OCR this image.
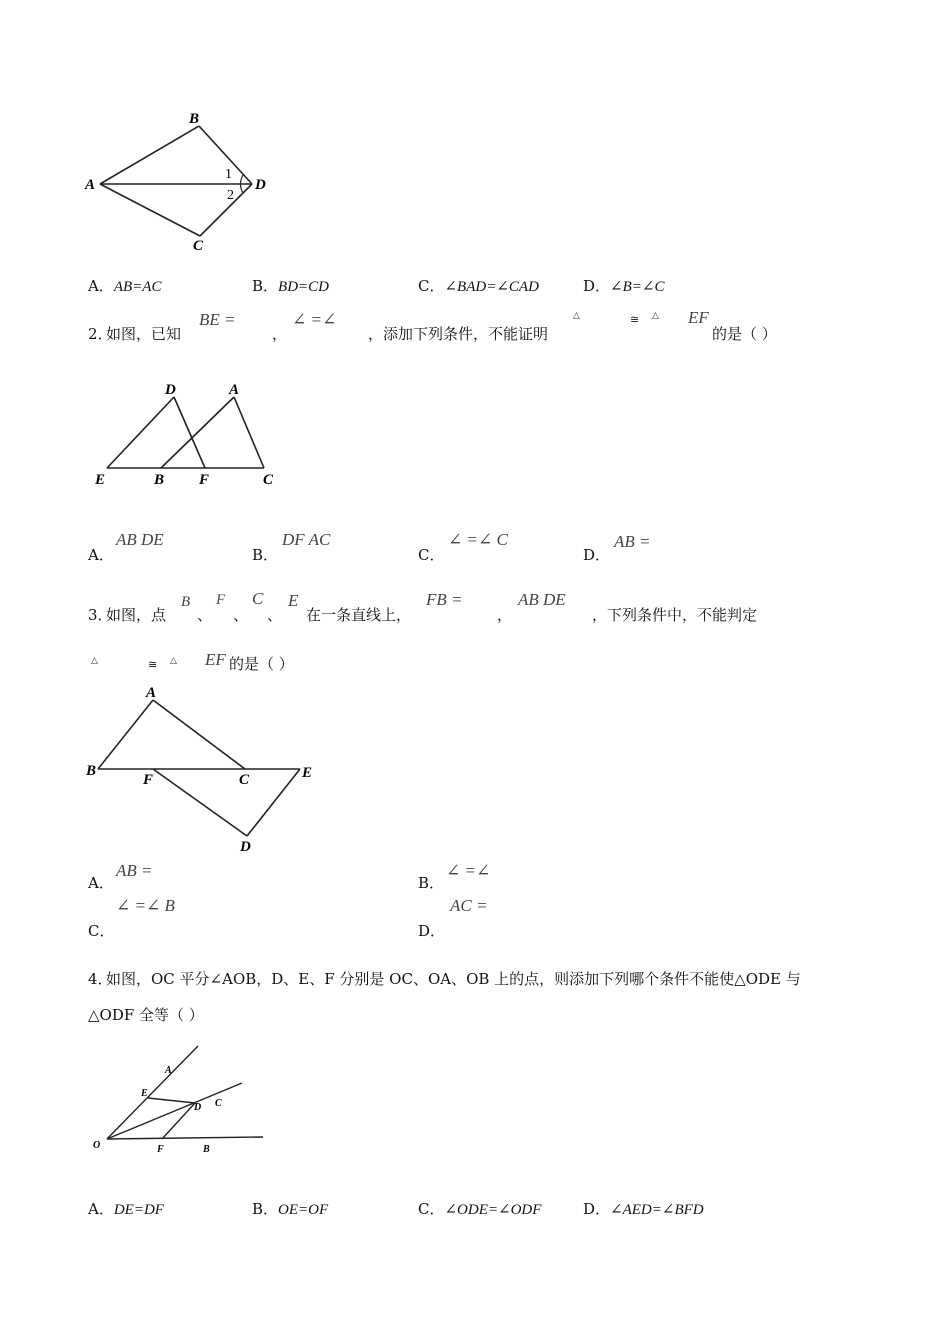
B
A	D
C
1
2
A．AB=AC	B．BD=CD	C．∠BAD=∠CAD	D．∠B=∠C
2．
如图，已知
BE =
，
∠ =∠
，添加下列条件，不能证明
△	≅ △ EF
的是（ ）
D	A
E	B F	C
A．
AB DE
B．
DF AC
C．
∠ =∠ C
D．
AB =
3．
如图，点
B
、
F
、
C
、
E
在一条直线上，
FB =
，
AB DE
，下列条件中，不能判定
△	≅ △ EF 的是（ ）
A
B
F	C	E
D
A．
AB =
B．
∠ =∠
C．
∠ =∠ B
D．
AC =
4．
如图，OC 平分∠AOB，D、E、F 分别是 OC、OA、OB 上的点，则添加下列哪个条件不能使△ODE 与
△ODF 全等（ ）
A
E
D C
O	F	B
A．DE=DF	B．OE=OF	C．∠ODE=∠ODF	D．∠AED=∠BFD
